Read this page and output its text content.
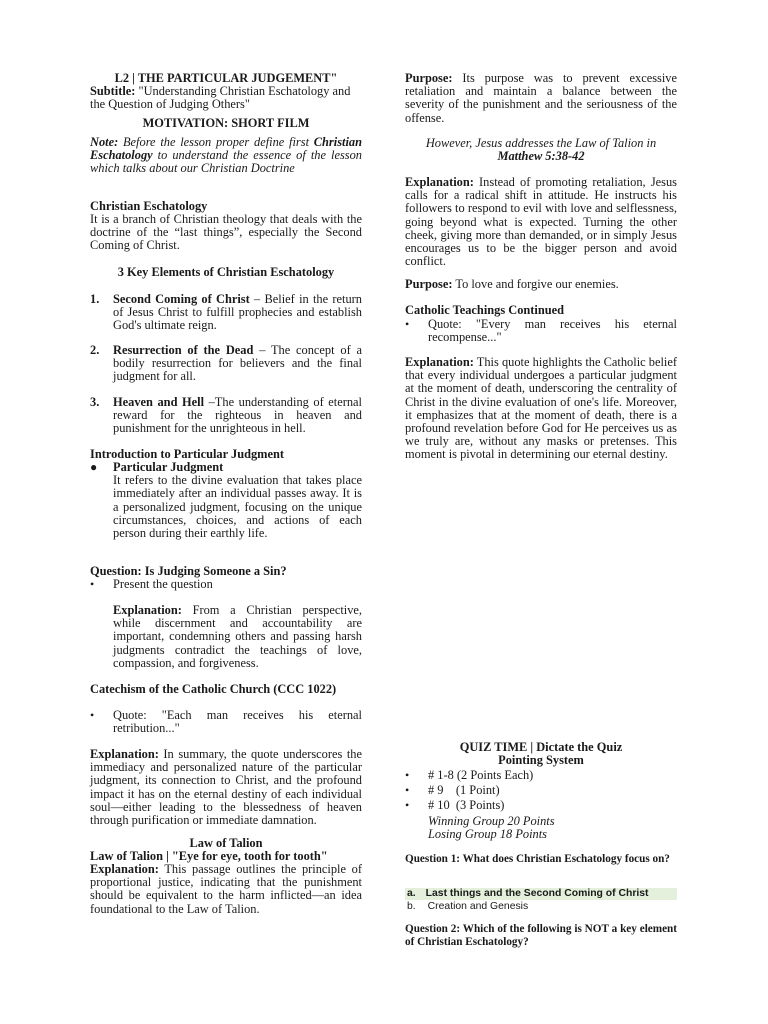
L2 | THE PARTICULAR JUDGEMENT"
Subtitle: "Understanding Christian Eschatology and the Question of Judging Others"
MOTIVATION: SHORT FILM
Note: Before the lesson proper define first Christian Eschatology to understand the essence of the lesson which talks about our Christian Doctrine
Christian Eschatology
It is a branch of Christian theology that deals with the doctrine of the “last things”, especially the Second Coming of Christ.
3 Key Elements of Christian Eschatology
1. Second Coming of Christ – Belief in the return of Jesus Christ to fulfill prophecies and establish God's ultimate reign.
2. Resurrection of the Dead – The concept of a bodily resurrection for believers and the final judgment for all.
3. Heaven and Hell –The understanding of eternal reward for the righteous in heaven and punishment for the unrighteous in hell.
Introduction to Particular Judgment
● Particular Judgment
It refers to the divine evaluation that takes place immediately after an individual passes away. It is a personalized judgment, focusing on the unique circumstances, choices, and actions of each person during their earthly life.
Question: Is Judging Someone a Sin?
• Present the question
Explanation: From a Christian perspective, while discernment and accountability are important, condemning others and passing harsh judgments contradict the teachings of love, compassion, and forgiveness.
Catechism of the Catholic Church (CCC 1022)
• Quote: "Each man receives his eternal retribution..."
Explanation: In summary, the quote underscores the immediacy and personalized nature of the particular judgment, its connection to Christ, and the profound impact it has on the eternal destiny of each individual soul—either leading to the blessedness of heaven through purification or immediate damnation.
Law of Talion
Law of Talion | "Eye for eye, tooth for tooth"
Explanation: This passage outlines the principle of proportional justice, indicating that the punishment should be equivalent to the harm inflicted—an idea foundational to the Law of Talion.
Purpose: Its purpose was to prevent excessive retaliation and maintain a balance between the severity of the punishment and the seriousness of the offense.
However, Jesus addresses the Law of Talion in
Matthew 5:38-42
Explanation: Instead of promoting retaliation, Jesus calls for a radical shift in attitude. He instructs his followers to respond to evil with love and selflessness, going beyond what is expected. Turning the other cheek, giving more than demanded, or in simply Jesus encourages us to be the bigger person and avoid conflict.
Purpose: To love and forgive our enemies.
Catholic Teachings Continued
• Quote: "Every man receives his eternal recompense..."
Explanation: This quote highlights the Catholic belief that every individual undergoes a particular judgment at the moment of death, underscoring the centrality of Christ in the divine evaluation of one's life. Moreover, it emphasizes that at the moment of death, there is a profound revelation before God for He perceives us as we truly are, without any masks or pretenses. This moment is pivotal in determining our eternal destiny.
QUIZ TIME | Dictate the Quiz
Pointing System
• # 1-8 (2 Points Each)
• # 9    (1 Point)
• # 10  (3 Points)
Winning Group 20 Points
Losing Group 18 Points
Question 1: What does Christian Eschatology focus on?
a. Last things and the Second Coming of Christ
b. Creation and Genesis
Question 2: Which of the following is NOT a key element of Christian Eschatology?
